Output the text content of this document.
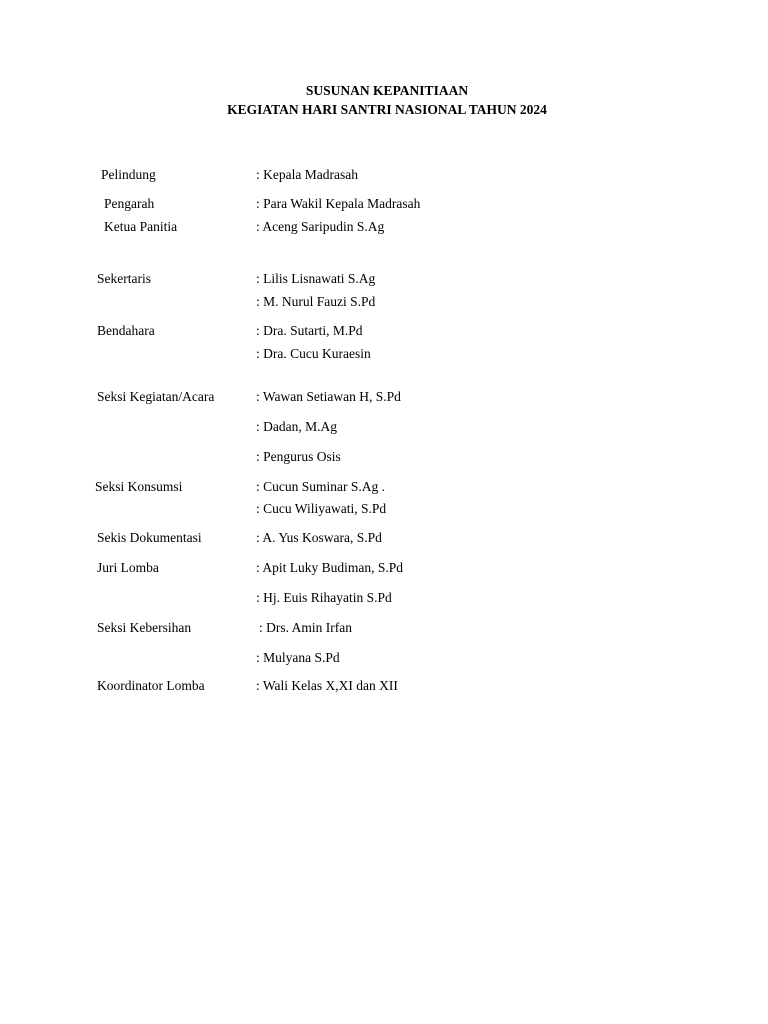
SUSUNAN KEPANITIAAN
KEGIATAN HARI SANTRI NASIONAL TAHUN 2024
Pelindung	: Kepala Madrasah
Pengarah	: Para Wakil Kepala Madrasah
Ketua Panitia	: Aceng Saripudin S.Ag
Sekertaris	: Lilis Lisnawati S.Ag
: M. Nurul Fauzi S.Pd
Bendahara	: Dra. Sutarti, M.Pd
: Dra. Cucu Kuraesin
Seksi Kegiatan/Acara	: Wawan Setiawan H, S.Pd
: Dadan, M.Ag
: Pengurus Osis
Seksi Konsumsi	: Cucun Suminar S.Ag .
: Cucu Wiliyawati, S.Pd
Sekis Dokumentasi	: A. Yus Koswara, S.Pd
Juri Lomba	: Apit Luky Budiman, S.Pd
: Hj. Euis Rihayatin S.Pd
Seksi Kebersihan	: Drs. Amin Irfan
: Mulyana S.Pd
Koordinator Lomba	: Wali Kelas X,XI dan XII
